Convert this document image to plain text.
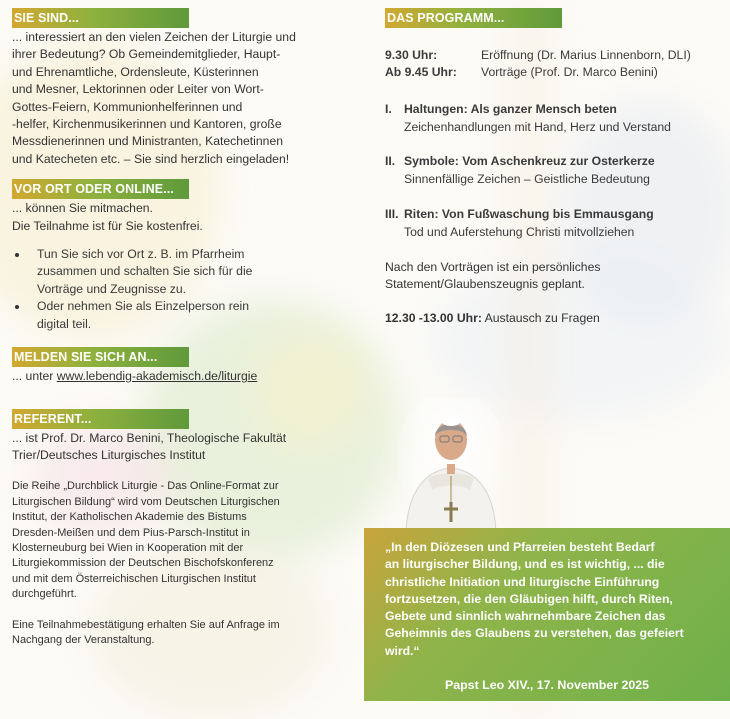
SIE SIND...
... interessiert an den vielen Zeichen der Liturgie und
ihrer Bedeutung? Ob Gemeindemitglieder, Haupt-
und Ehrenamtliche, Ordensleute, Küsterinnen
und Mesner, Lektorinnen oder Leiter von Wort-
Gottes-Feiern, Kommunionhelferinnen und
-helfer, Kirchenmusikerinnen und Kantoren, große
Messdienerinnen und Ministranten, Katechetinnen
und Katecheten etc. – Sie sind herzlich eingeladen!
VOR ORT ODER ONLINE...
... können Sie mitmachen.
Die Teilnahme ist für Sie kostenfrei.
Tun Sie sich vor Ort z. B. im Pfarrheim
zusammen und schalten Sie sich für die
Vorträge und Zeugnisse zu.
Oder nehmen Sie als Einzelperson rein
digital teil.
MELDEN SIE SICH AN...
... unter www.lebendig-akademisch.de/liturgie
REFERENT...
... ist Prof. Dr. Marco Benini, Theologische Fakultät
Trier/Deutsches Liturgisches Institut
Die Reihe „Durchblick Liturgie - Das Online-Format zur
Liturgischen Bildung“ wird vom Deutschen Liturgischen
Institut, der Katholischen Akademie des Bistums
Dresden-Meißen und dem Pius-Parsch-Institut in
Klosterneuburg bei Wien in Kooperation mit der
Liturgiekommission der Deutschen Bischofskonferenz
und mit dem Österreichischen Liturgischen Institut
durchgeführt.
Eine Teilnahmebestätigung erhalten Sie auf Anfrage im
Nachgang der Veranstaltung.
DAS PROGRAMM...
9.30 Uhr:	Eröffnung (Dr. Marius Linnenborn, DLI)
Ab 9.45 Uhr:	Vorträge (Prof. Dr. Marco Benini)
I.	Haltungen: Als ganzer Mensch beten
Zeichenhandlungen mit Hand, Herz und Verstand
II. Symbole: Vom Aschenkreuz zur Osterkerze
Sinnenfällige Zeichen – Geistliche Bedeutung
III. Riten: Von Fußwaschung bis Emmausgang
Tod und Auferstehung Christi mitvollziehen
Nach den Vorträgen ist ein persönliches
Statement/Glaubenszeugnis geplant.
12.30 -13.00 Uhr: Austausch zu Fragen
„In den Diözesen und Pfarreien besteht Bedarf
an liturgischer Bildung, und es ist wichtig, ... die
christliche Initiation und liturgische Einführung
fortzusetzen, die den Gläubigen hilft, durch Riten,
Gebete und sinnlich wahrnehmbare Zeichen das
Geheimnis des Glaubens zu verstehen, das gefeiert
wird.“
Papst Leo XIV., 17. November 2025
